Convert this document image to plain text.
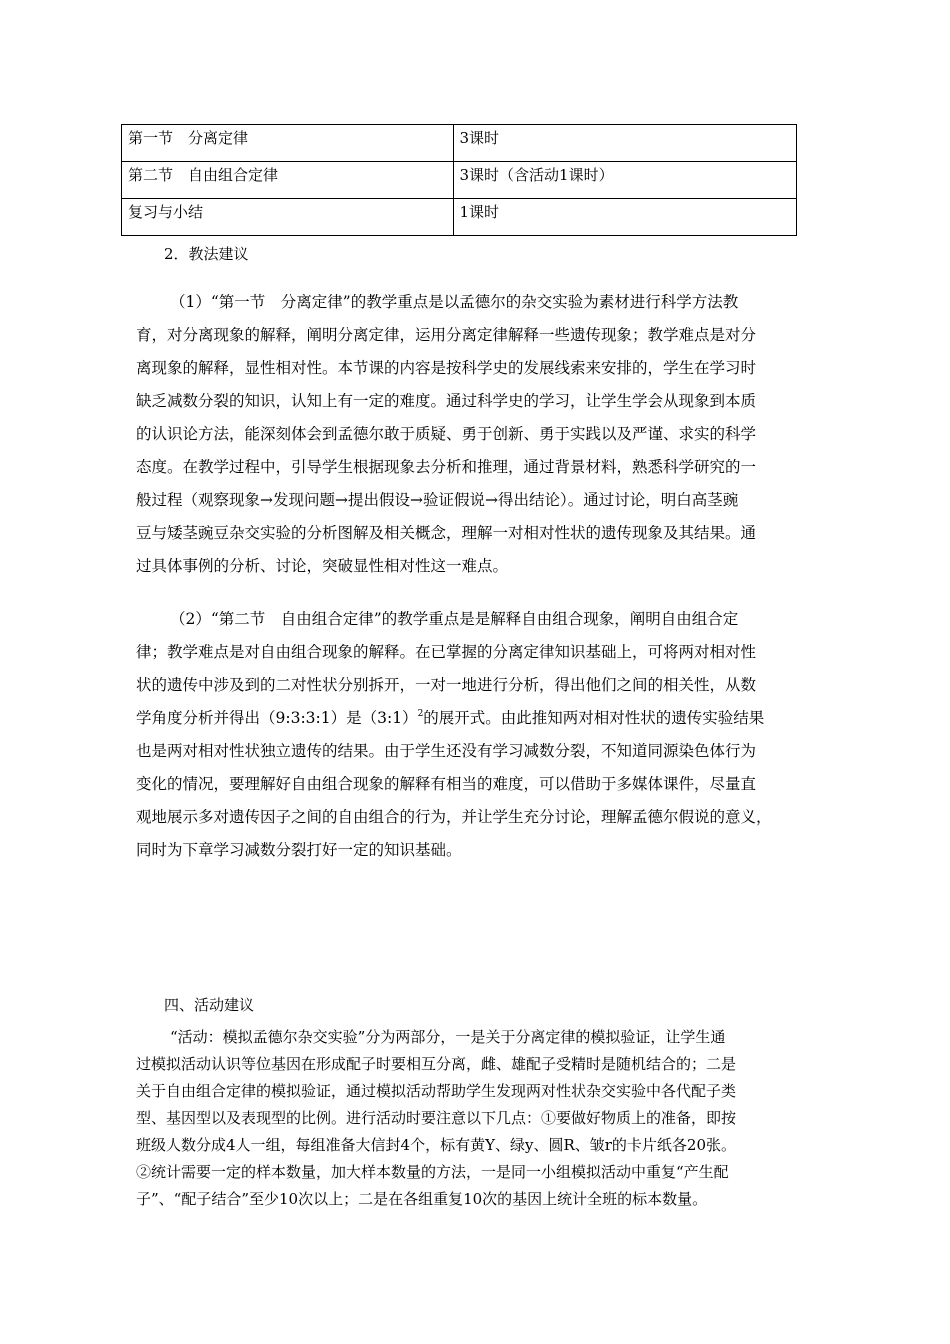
第一节　分离定律	3课时
第二节　自由组合定律	3课时（含活动1课时）
复习与小结	1课时
2．教法建议
（1）“第一节　分离定律”的教学重点是以孟德尔的杂交实验为素材进行科学方法教
育，对分离现象的解释，阐明分离定律，运用分离定律解释一些遗传现象；教学难点是对分
离现象的解释，显性相对性。本节课的内容是按科学史的发展线索来安排的，学生在学习时
缺乏减数分裂的知识，认知上有一定的难度。通过科学史的学习，让学生学会从现象到本质
的认识论方法，能深刻体会到孟德尔敢于质疑、勇于创新、勇于实践以及严谨、求实的科学
态度。在教学过程中，引导学生根据现象去分析和推理，通过背景材料，熟悉科学研究的一
般过程（观察现象→发现问题→提出假设→验证假说→得出结论）。通过讨论，明白高茎豌
豆与矮茎豌豆杂交实验的分析图解及相关概念，理解一对相对性状的遗传现象及其结果。通
过具体事例的分析、讨论，突破显性相对性这一难点。
（2）“第二节　自由组合定律”的教学重点是是解释自由组合现象，阐明自由组合定
律；教学难点是对自由组合现象的解释。在已掌握的分离定律知识基础上，可将两对相对性
状的遗传中涉及到的二对性状分别拆开，一对一地进行分析，得出他们之间的相关性，从数
学角度分析并得出（9:3:3:1）是（3:1）$^2$的展开式。由此推知两对相对性状的遗传实验结果
也是两对相对性状独立遗传的结果。由于学生还没有学习减数分裂，不知道同源染色体行为
变化的情况，要理解好自由组合现象的解释有相当的难度，可以借助于多媒体课件，尽量直
观地展示多对遗传因子之间的自由组合的行为，并让学生充分讨论，理解孟德尔假说的意义，
同时为下章学习减数分裂打好一定的知识基础。
四、活动建议
“活动：模拟孟德尔杂交实验”分为两部分，一是关于分离定律的模拟验证，让学生通
过模拟活动认识等位基因在形成配子时要相互分离，雌、雄配子受精时是随机结合的；二是
关于自由组合定律的模拟验证，通过模拟活动帮助学生发现两对性状杂交实验中各代配子类
型、基因型以及表现型的比例。进行活动时要注意以下几点：①要做好物质上的准备，即按
班级人数分成4人一组，每组准备大信封4个，标有黄Y、绿y、圆R、皱r的卡片纸各20张。
②统计需要一定的样本数量，加大样本数量的方法，一是同一小组模拟活动中重复“产生配
子”、“配子结合”至少10次以上；二是在各组重复10次的基因上统计全班的标本数量。
